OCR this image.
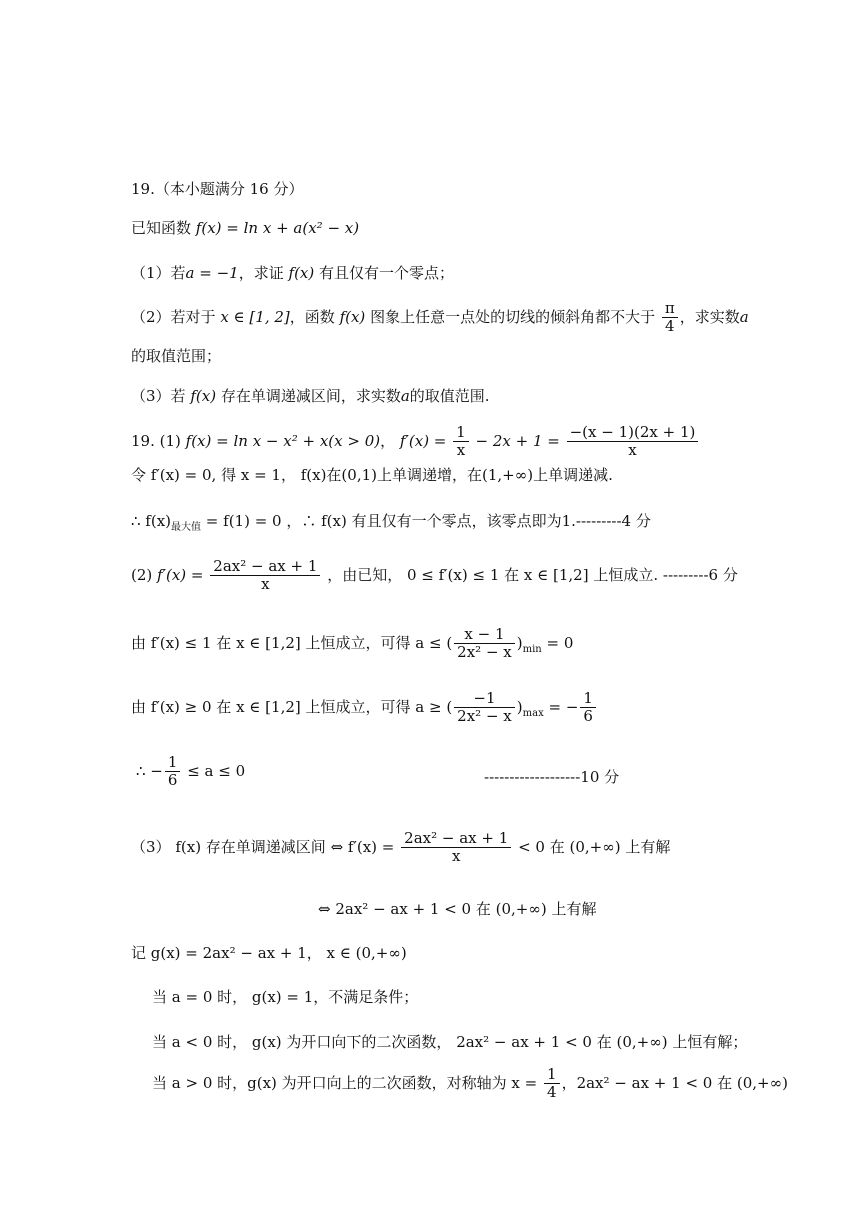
19.（本小题满分 16 分）
已知函数 f(x) = ln x + a(x² − x)
（1）若a = −1，求证 f(x) 有且仅有一个零点；
（2）若对于 x ∈ [1, 2]，函数 f(x) 图象上任意一点处的切线的倾斜角都不大于 $\frac{\pi}{4}$ ，求实数a
的取值范围；
（3）若 f(x) 存在单调递减区间，求实数a的取值范围.
19. (1) f(x) = ln x − x² + x(x > 0)， $f'(x) = \frac{1}{x} - 2x + 1 = \frac{-(x - 1)(2x + 1)}{x}$
令 f′(x) = 0, 得 x = 1， f(x)在(0,1)上单调递增，在(1,+∞)上单调递减.
∴ $f(x)_{最大值} = f(1) = 0$ ，∴ f(x) 有且仅有一个零点，该零点即为1.---------4 分
(2) $f'(x) = \frac{\text{2ax² − ax + 1}}{x}$ ，由已知， 0 ≤ f′(x) ≤ 1 在 x ∈ [1,2] 上恒成立. ---------6 分
由 f′(x) ≤ 1 在 x ∈ [1,2] 上恒成立，可得 a ≤ ( $\frac{x - 1}{\text{2x² − x}} )_{min} = 0$
由 f′(x) ≥ 0 在 x ∈ [1,2] 上恒成立，可得 a ≥ ( $\frac{-1}{\text{2x² − x}} )_{max}$ = − $\frac{1}{6}$
∴ − $\frac{1}{6} \le a \le 0$	-------------------10 分
（3） f(x) 存在单调递减区间 ⇔ $f'(x) = \frac{\text{2ax² − ax + 1}}{x} < 0$ 在 (0,+∞) 上有解
⇔ 2ax² − ax + 1 < 0 在 (0,+∞) 上有解
记 g(x) = 2ax² − ax + 1， x ∈ (0,+∞)
当 a = 0 时， g(x) = 1，不满足条件；
当 a < 0 时， g(x) 为开口向下的二次函数， 2ax² − ax + 1 < 0 在 (0,+∞) 上恒有解；
当 a > 0 时，g(x) 为开口向上的二次函数，对称轴为 $x = \frac{1}{4}$ ，2ax² − ax + 1 < 0 在 (0,+∞)
